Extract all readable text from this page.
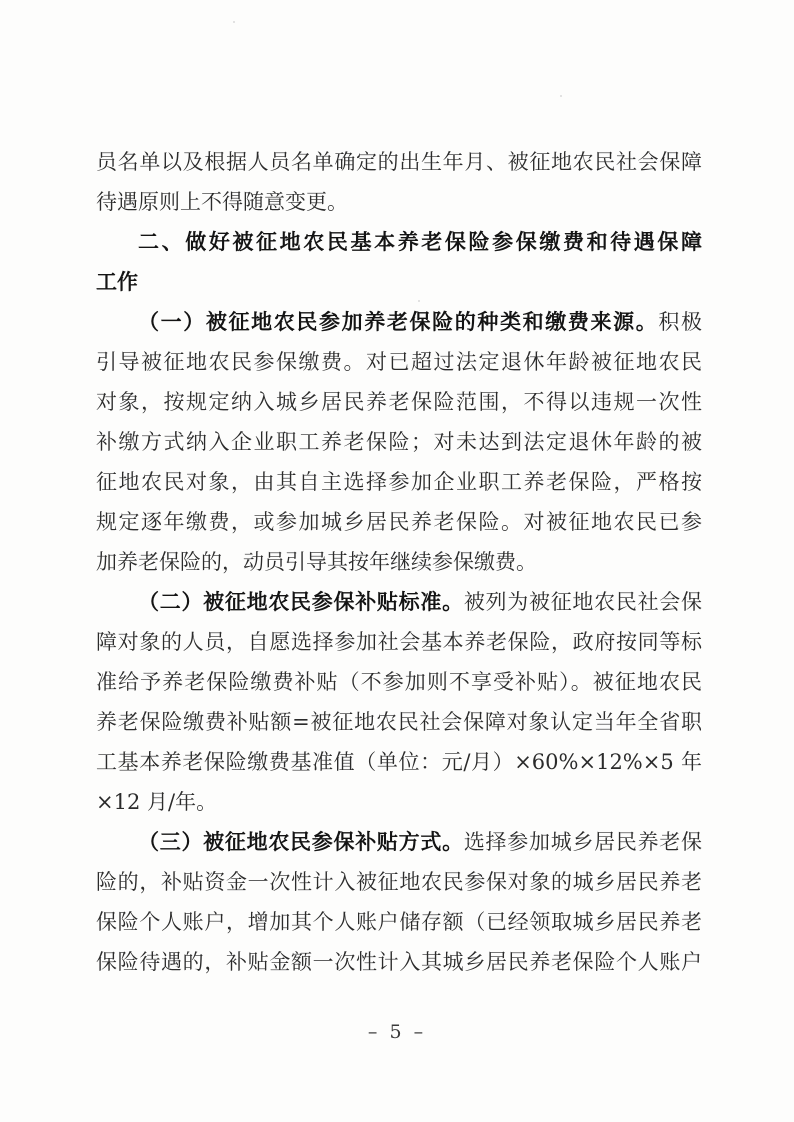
员名单以及根据人员名单确定的出生年月、被征地农民社会保障
待遇原则上不得随意变更。
二、做好被征地农民基本养老保险参保缴费和待遇保障
工作
（一）被征地农民参加养老保险的种类和缴费来源。积极
引导被征地农民参保缴费。对已超过法定退休年龄被征地农民
对象，按规定纳入城乡居民养老保险范围，不得以违规一次性
补缴方式纳入企业职工养老保险；对未达到法定退休年龄的被
征地农民对象，由其自主选择参加企业职工养老保险，严格按
规定逐年缴费，或参加城乡居民养老保险。对被征地农民已参
加养老保险的，动员引导其按年继续参保缴费。
（二）被征地农民参保补贴标准。被列为被征地农民社会保
障对象的人员，自愿选择参加社会基本养老保险，政府按同等标
准给予养老保险缴费补贴（不参加则不享受补贴）。被征地农民
养老保险缴费补贴额=被征地农民社会保障对象认定当年全省职
工基本养老保险缴费基准值（单位：元/月）×60%×12%×5 年
×12 月/年。
（三）被征地农民参保补贴方式。选择参加城乡居民养老保
险的，补贴资金一次性计入被征地农民参保对象的城乡居民养老
保险个人账户，增加其个人账户储存额（已经领取城乡居民养老
保险待遇的，补贴金额一次性计入其城乡居民养老保险个人账户
– 5 –
